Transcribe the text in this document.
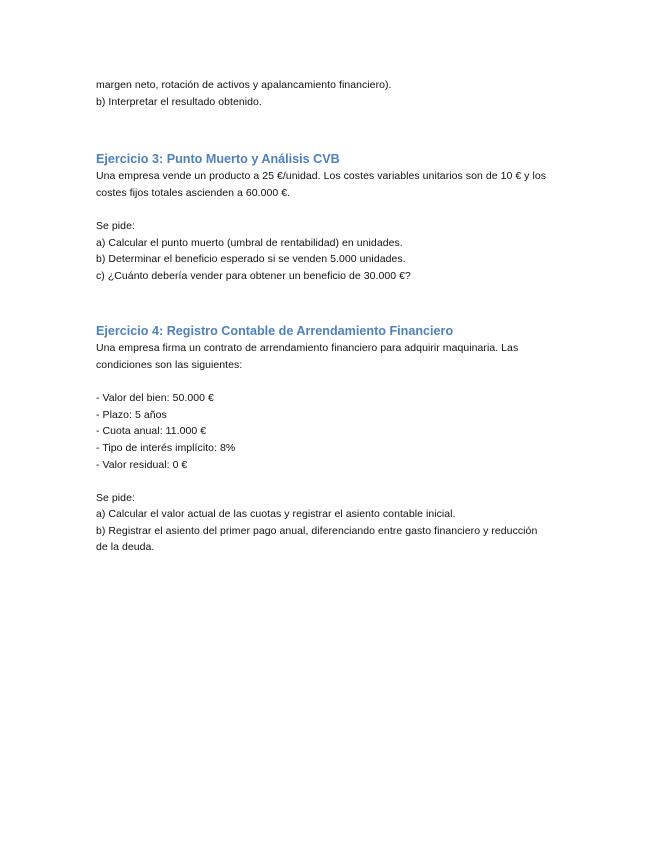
margen neto, rotación de activos y apalancamiento financiero).
b) Interpretar el resultado obtenido.
Ejercicio 3: Punto Muerto y Análisis CVB
Una empresa vende un producto a 25 €/unidad. Los costes variables unitarios son de 10 € y los
costes fijos totales ascienden a 60.000 €.
Se pide:
a) Calcular el punto muerto (umbral de rentabilidad) en unidades.
b) Determinar el beneficio esperado si se venden 5.000 unidades.
c) ¿Cuánto debería vender para obtener un beneficio de 30.000 €?
Ejercicio 4: Registro Contable de Arrendamiento Financiero
Una empresa firma un contrato de arrendamiento financiero para adquirir maquinaria. Las
condiciones son las siguientes:
- Valor del bien: 50.000 €
- Plazo: 5 años
- Cuota anual: 11.000 €
- Tipo de interés implícito: 8%
- Valor residual: 0 €
Se pide:
a) Calcular el valor actual de las cuotas y registrar el asiento contable inicial.
b) Registrar el asiento del primer pago anual, diferenciando entre gasto financiero y reducción
de la deuda.
